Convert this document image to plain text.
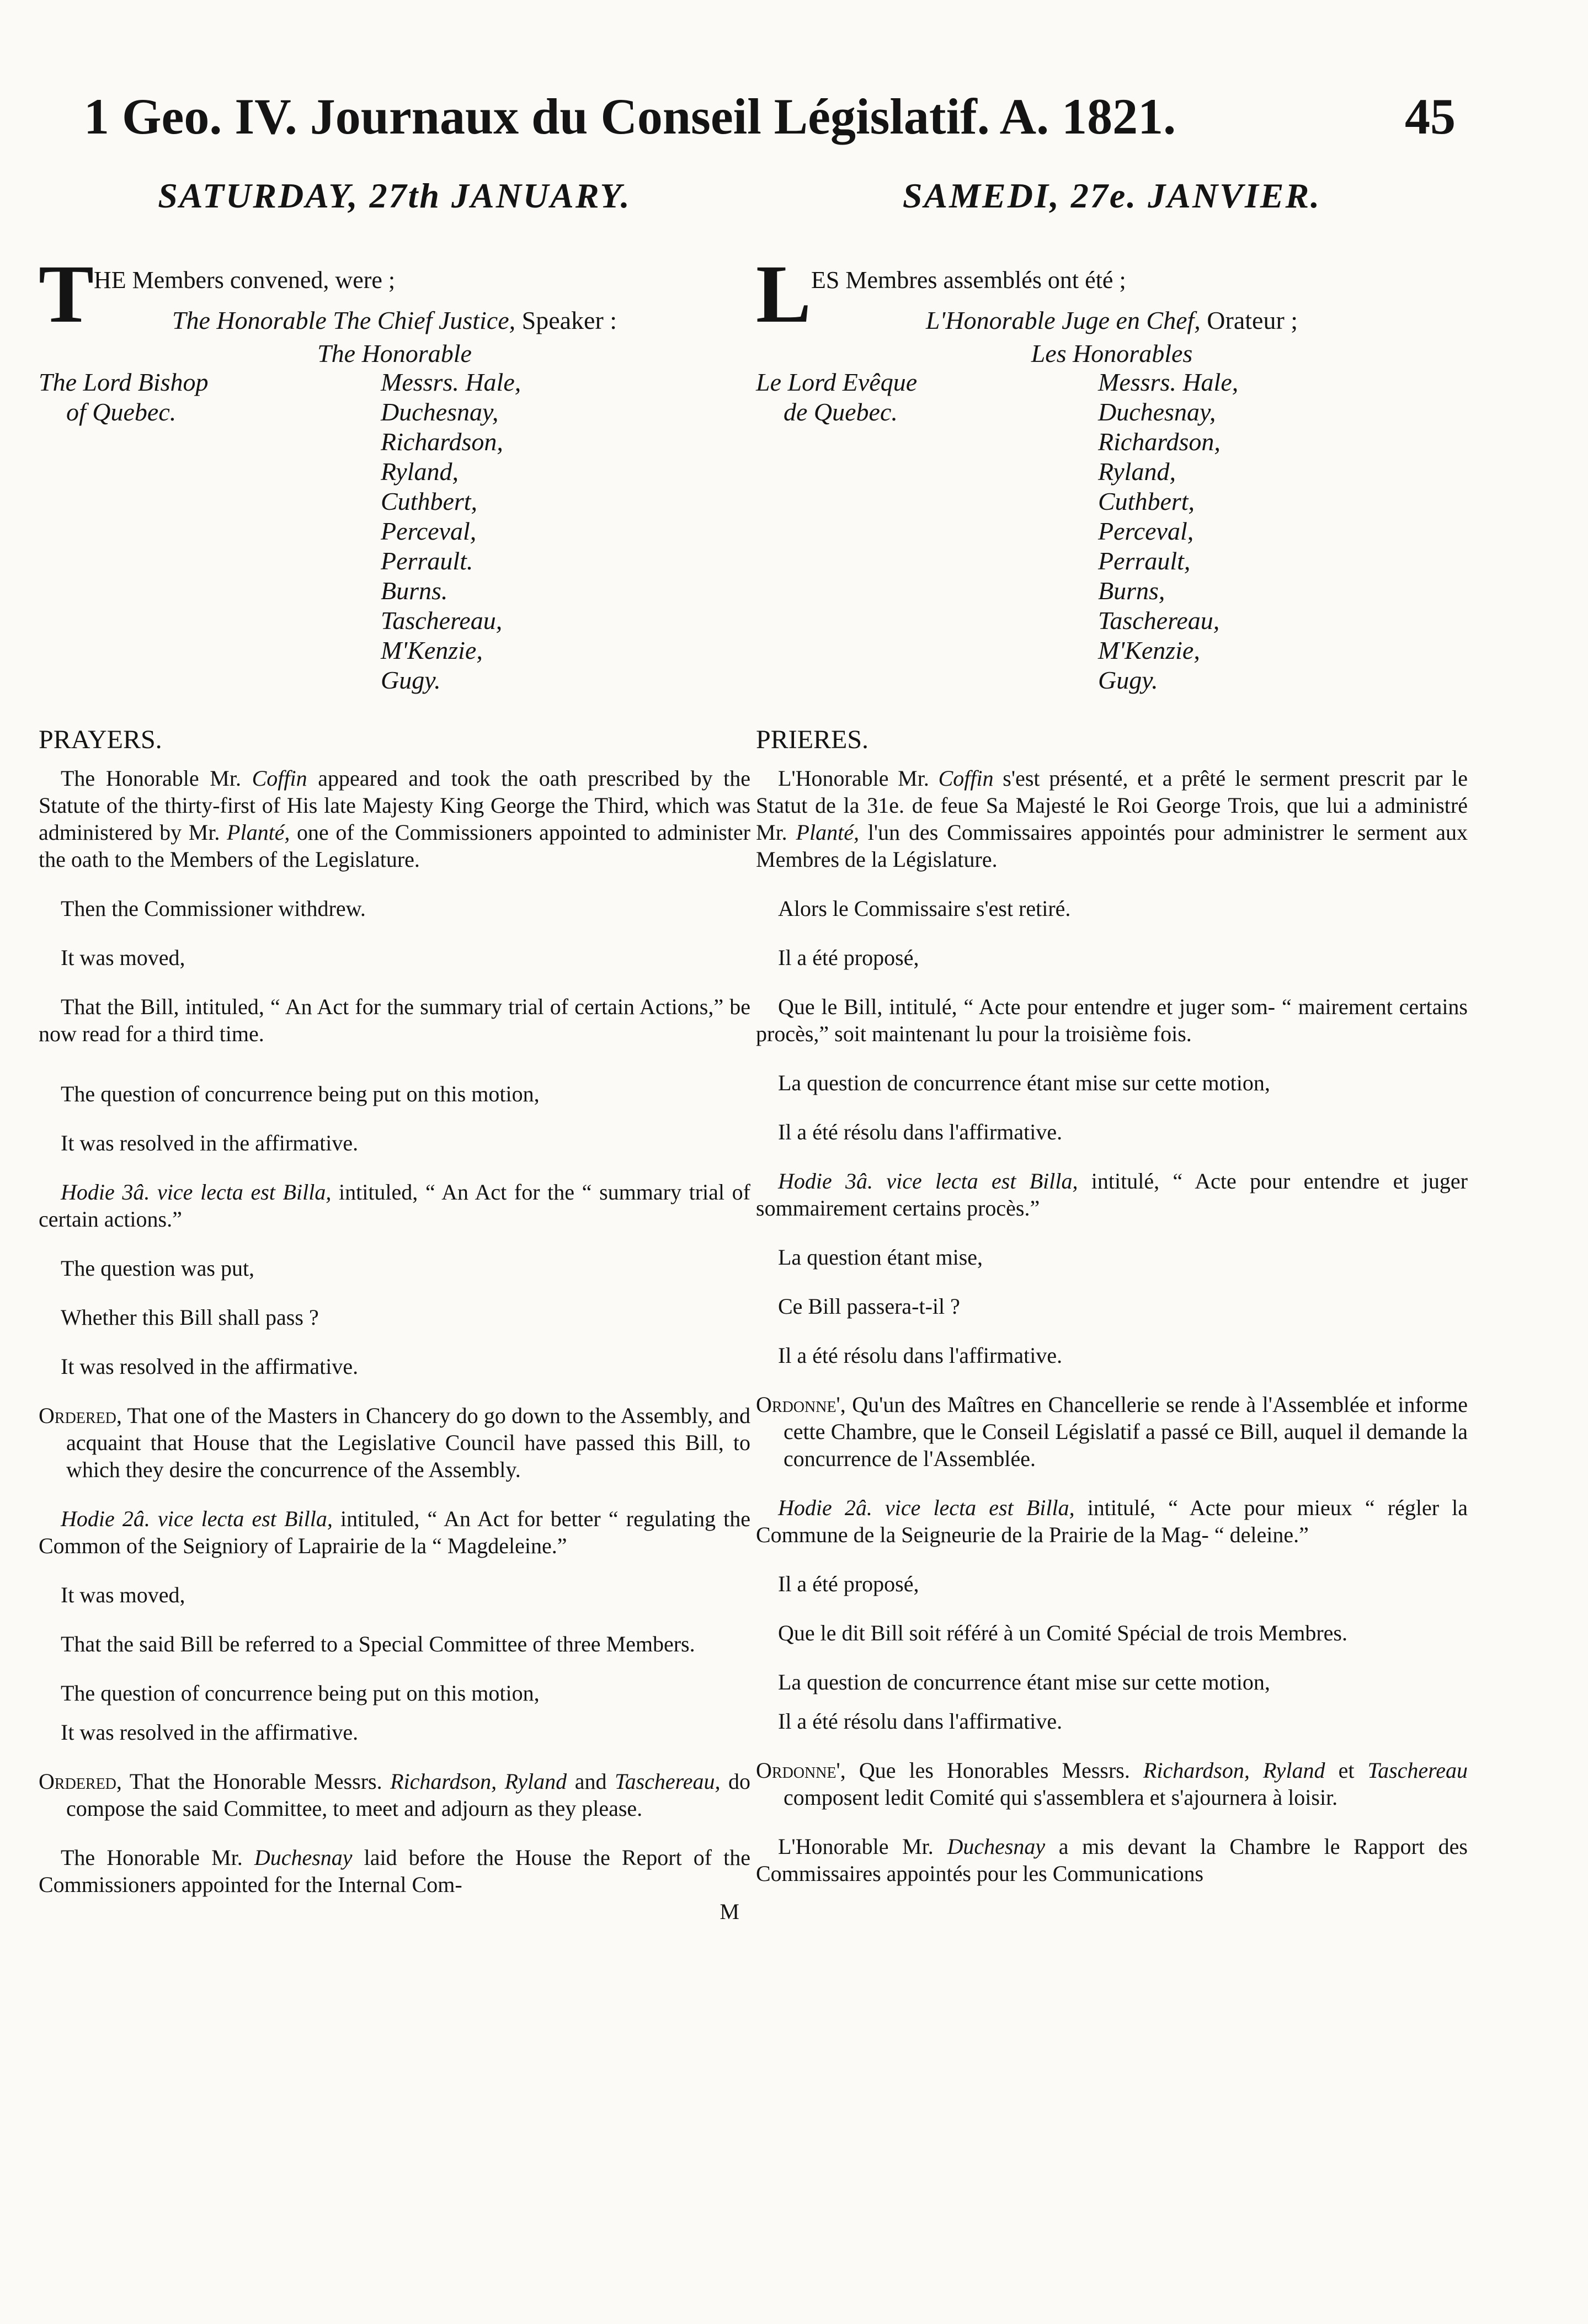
1 Geo. IV. Journaux du Conseil Législatif. A. 1821.	45
SATURDAY, 27th JANUARY.
T HE Members convened, were ;
The Honorable The Chief Justice, Speaker :
The Honorable
The Lord Bishop
of Quebec.
Messrs. Hale,
Duchesnay,
Richardson,
Ryland,
Cuthbert,
Perceval,
Perrault.
Burns.
Taschereau,
M'Kenzie,
Gugy.
PRAYERS.

The Honorable Mr. Coffin appeared and took the oath prescribed by the Statute of the thirty-first of His late Majesty King George the Third, which was administered by Mr. Planté, one of the Commissioners appointed to administer the oath to the Members of the Legislature.

Then the Commissioner withdrew.

It was moved,

That the Bill, intituled, “ An Act for the summary trial of certain Actions,” be now read for a third time.

The question of concurrence being put on this motion,

It was resolved in the affirmative.

Hodie 3â. vice lecta est Billa, intituled, “ An Act for the “ summary trial of certain actions.”

The question was put,

Whether this Bill shall pass ?

It was resolved in the affirmative.

Ordered, That one of the Masters in Chancery do go down to the Assembly, and acquaint that House that the Legislative Council have passed this Bill, to which they desire the concurrence of the Assembly.

Hodie 2â. vice lecta est Billa, intituled, “ An Act for better “ regulating the Common of the Seigniory of Laprairie de la “ Magdeleine.”

It was moved,

That the said Bill be referred to a Special Committee of three Members.

The question of concurrence being put on this motion,

It was resolved in the affirmative.

Ordered, That the Honorable Messrs. Richardson, Ryland and Taschereau, do compose the said Committee, to meet and adjourn as they please.

The Honorable Mr. Duchesnay laid before the House the Report of the Commissioners appointed for the Internal Com-

M

SAMEDI, 27e. JANVIER.
L ES Membres assemblés ont été ;
L'Honorable Juge en Chef, Orateur ;
Les Honorables
Le Lord Evêque
de Quebec.
Messrs. Hale,
Duchesnay,
Richardson,
Ryland,
Cuthbert,
Perceval,
Perrault,
Burns,
Taschereau,
M'Kenzie,
Gugy.
PRIERES.

L'Honorable Mr. Coffin s'est présenté, et a prêté le serment prescrit par le Statut de la 31e. de feue Sa Majesté le Roi George Trois, que lui a administré Mr. Planté, l'un des Commissaires appointés pour administrer le serment aux Membres de la Législature.

Alors le Commissaire s'est retiré.

Il a été proposé,

Que le Bill, intitulé, “ Acte pour entendre et juger som- “ mairement certains procès,” soit maintenant lu pour la troisième fois.

La question de concurrence étant mise sur cette motion,

Il a été résolu dans l'affirmative.

Hodie 3â. vice lecta est Billa, intitulé, “ Acte pour entendre et juger sommairement certains procès.”

La question étant mise,

Ce Bill passera-t-il ?

Il a été résolu dans l'affirmative.

Ordonne', Qu'un des Maîtres en Chancellerie se rende à l'Assemblée et informe cette Chambre, que le Conseil Législatif a passé ce Bill, auquel il demande la concurrence de l'Assemblée.

Hodie 2â. vice lecta est Billa, intitulé, “ Acte pour mieux “ régler la Commune de la Seigneurie de la Prairie de la Mag- “ deleine.”

Il a été proposé,

Que le dit Bill soit référé à un Comité Spécial de trois Membres.

La question de concurrence étant mise sur cette motion,

Il a été résolu dans l'affirmative.

Ordonne', Que les Honorables Messrs. Richardson, Ryland et Taschereau composent ledit Comité qui s'assemblera et s'ajournera à loisir.

L'Honorable Mr. Duchesnay a mis devant la Chambre le Rapport des Commissaires appointés pour les Communications
